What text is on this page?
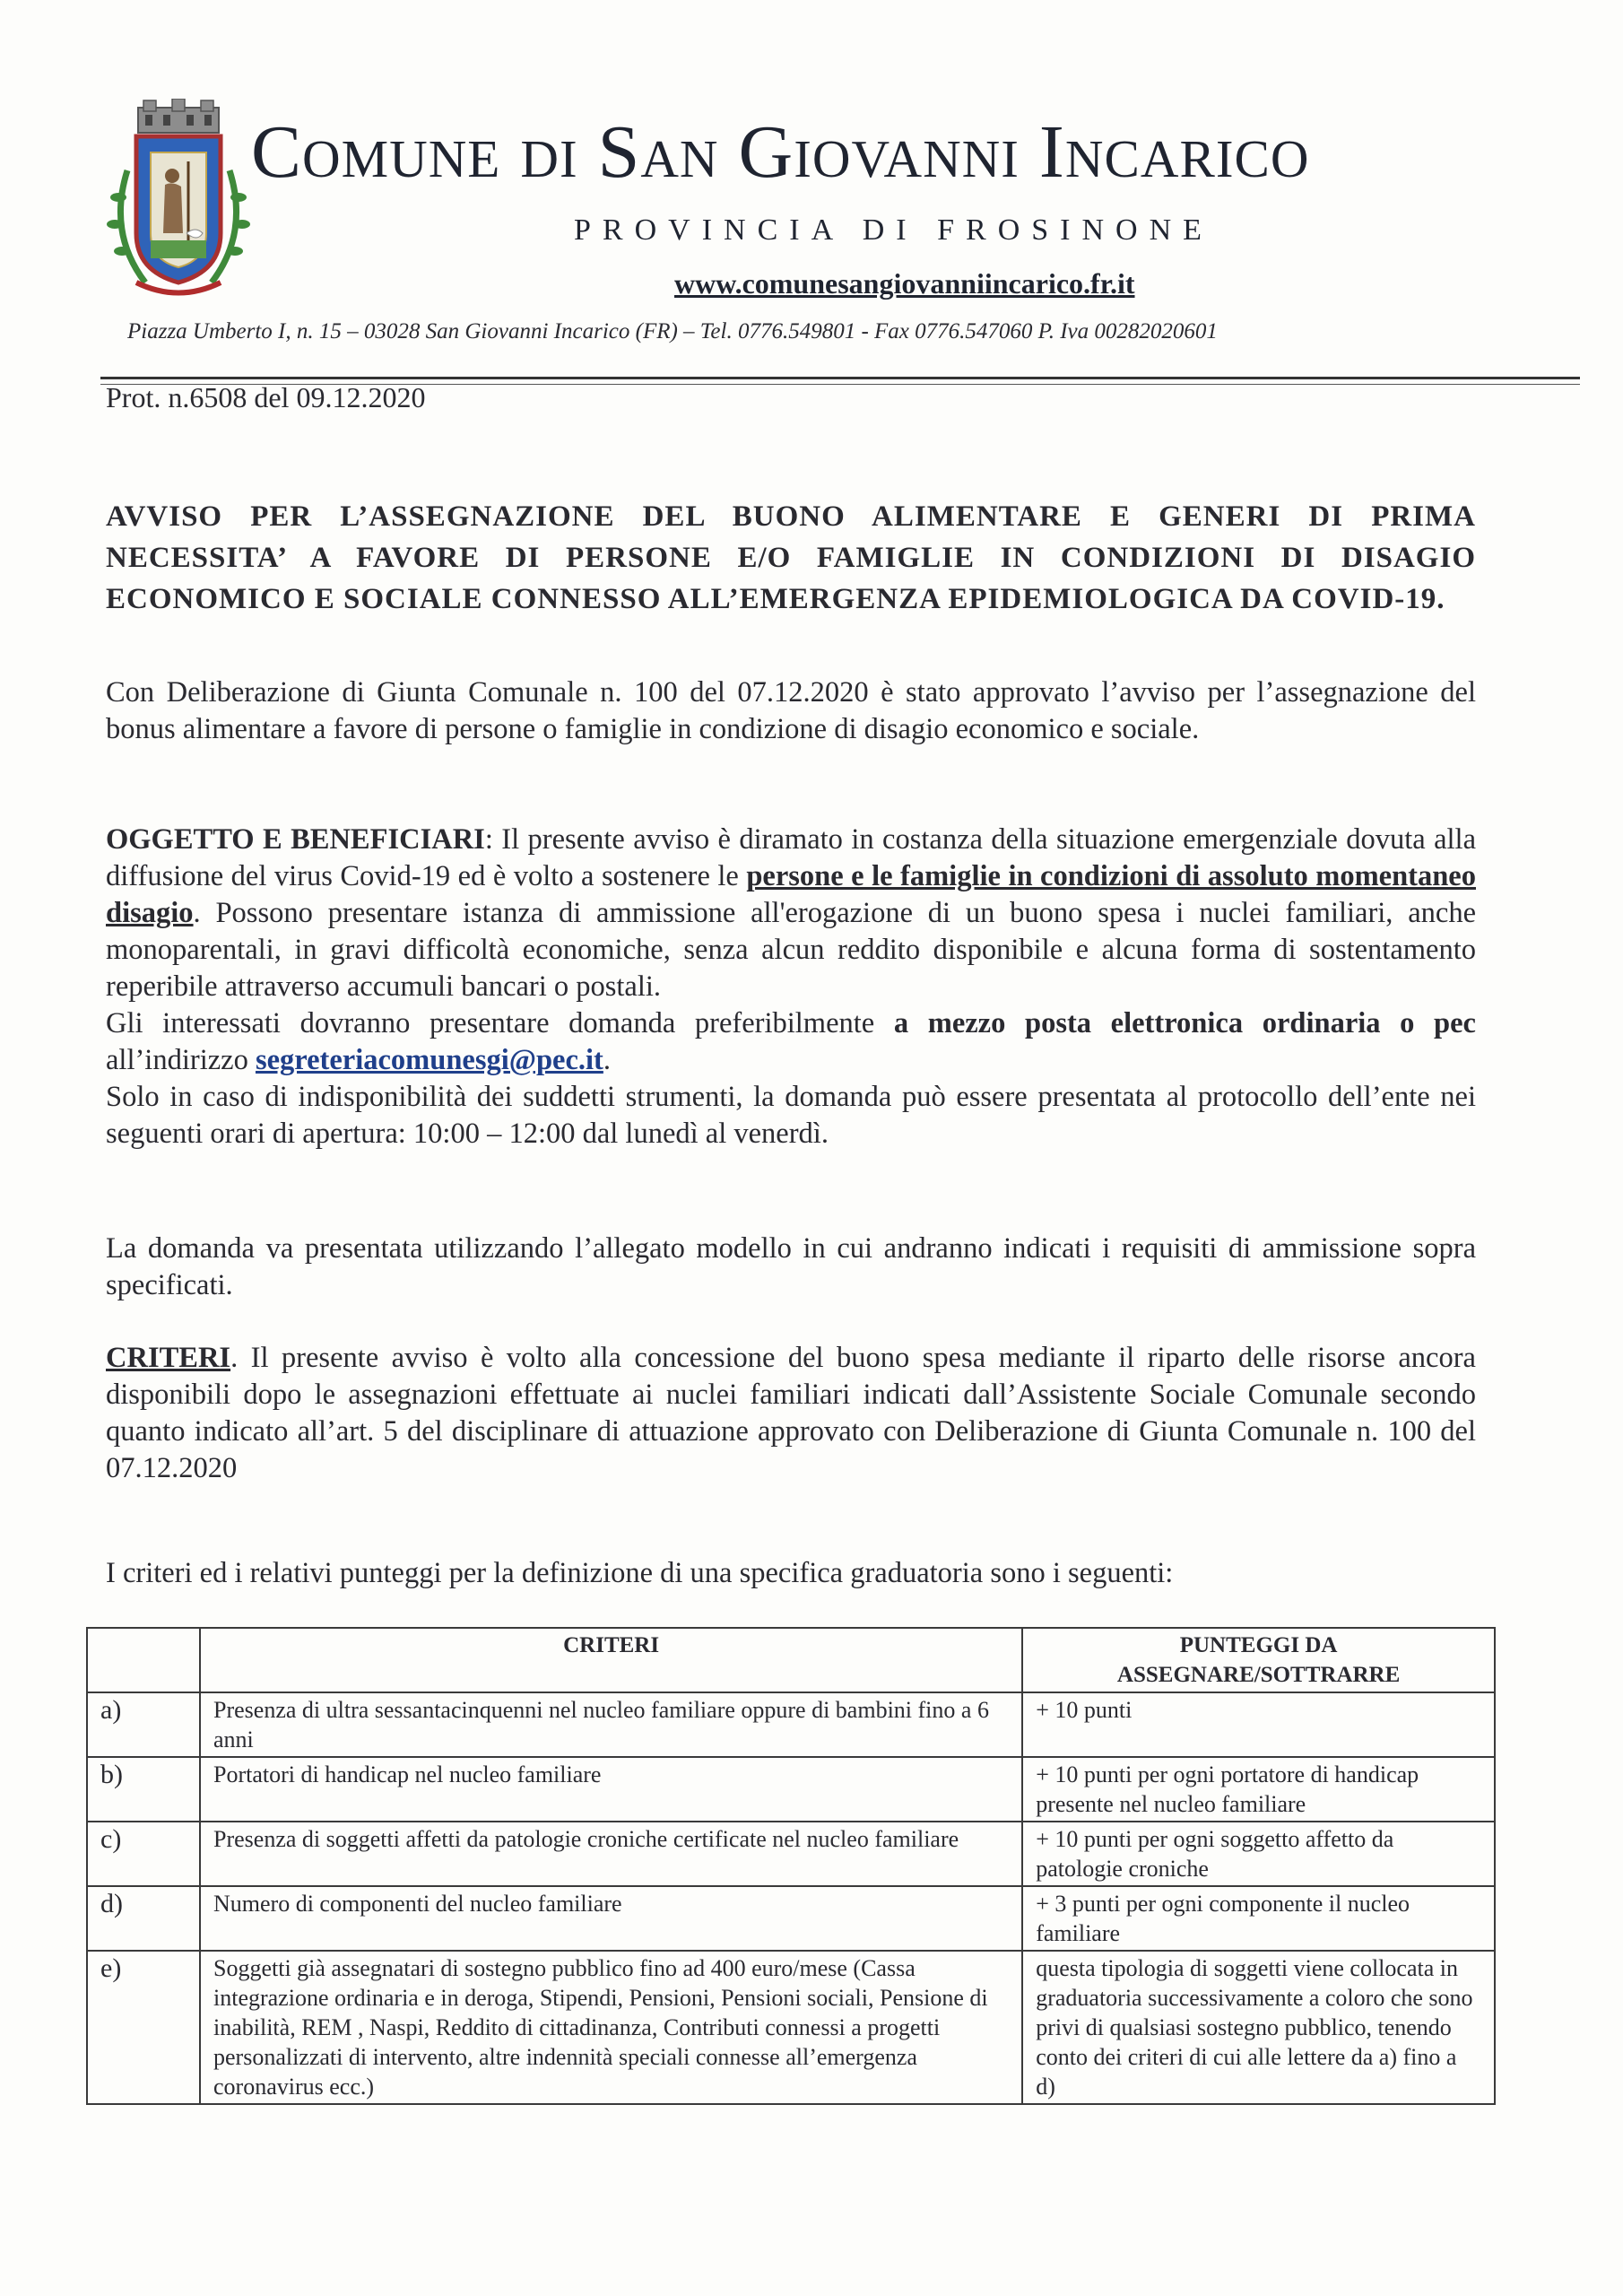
Comune di San Giovanni Incarico
PROVINCIA DI FROSINONE
www.comunesangiovanniincarico.fr.it
Piazza Umberto I, n. 15 – 03028 San Giovanni Incarico (FR) – Tel. 0776.549801 - Fax 0776.547060 P. Iva 00282020601
Prot. n.6508 del 09.12.2020
AVVISO PER L’ASSEGNAZIONE DEL BUONO ALIMENTARE E GENERI DI PRIMA NECESSITA’ A FAVORE DI PERSONE E/O FAMIGLIE IN CONDIZIONI DI DISAGIO ECONOMICO E SOCIALE CONNESSO ALL’EMERGENZA EPIDEMIOLOGICA DA COVID-19.
Con Deliberazione di Giunta Comunale n. 100 del 07.12.2020 è stato approvato l’avviso per l’assegnazione del bonus alimentare a favore di persone o famiglie in condizione di disagio economico e sociale.
OGGETTO E BENEFICIARI: Il presente avviso è diramato in costanza della situazione emergenziale dovuta alla diffusione del virus Covid-19 ed è volto a sostenere le persone e le famiglie in condizioni di assoluto momentaneo disagio. Possono presentare istanza di ammissione all'erogazione di un buono spesa i nuclei familiari, anche monoparentali, in gravi difficoltà economiche, senza alcun reddito disponibile e alcuna forma di sostentamento reperibile attraverso accumuli bancari o postali.
Gli interessati dovranno presentare domanda preferibilmente a mezzo posta elettronica ordinaria o pec all’indirizzo segreteriacomunesgi@pec.it.
Solo in caso di indisponibilità dei suddetti strumenti, la domanda può essere presentata al protocollo dell’ente nei seguenti orari di apertura: 10:00 – 12:00 dal lunedì al venerdì.
La domanda va presentata utilizzando l’allegato modello in cui andranno indicati i requisiti di ammissione sopra specificati.
CRITERI. Il presente avviso è volto alla concessione del buono spesa mediante il riparto delle risorse ancora disponibili dopo le assegnazioni effettuate ai nuclei familiari indicati dall’Assistente Sociale Comunale secondo quanto indicato all’art. 5 del disciplinare di attuazione approvato con Deliberazione di Giunta Comunale n. 100 del 07.12.2020
I criteri ed i relativi punteggi per la definizione di una specifica graduatoria sono i seguenti:
	CRITERI	PUNTEGGI DA
ASSEGNARE/SOTTRARRE
a)	Presenza di ultra sessantacinquenni nel nucleo familiare oppure di bambini fino a 6 anni	+ 10 punti
b)	Portatori di handicap nel nucleo familiare	+ 10 punti per ogni portatore di handicap presente nel nucleo familiare
c)	Presenza di soggetti affetti da patologie croniche certificate nel nucleo familiare	+ 10 punti per ogni soggetto affetto da patologie croniche
d)	Numero di componenti del nucleo familiare	+ 3 punti per ogni componente il nucleo familiare
e)	Soggetti già assegnatari di sostegno pubblico fino ad 400 euro/mese (Cassa integrazione ordinaria e in deroga, Stipendi, Pensioni, Pensioni sociali, Pensione di inabilità, REM , Naspi, Reddito di cittadinanza, Contributi connessi a progetti personalizzati di intervento, altre indennità speciali connesse all’emergenza coronavirus ecc.)	questa tipologia di soggetti viene collocata in graduatoria successivamente a coloro che sono privi di qualsiasi sostegno pubblico, tenendo conto dei criteri di cui alle lettere da a) fino a d)
